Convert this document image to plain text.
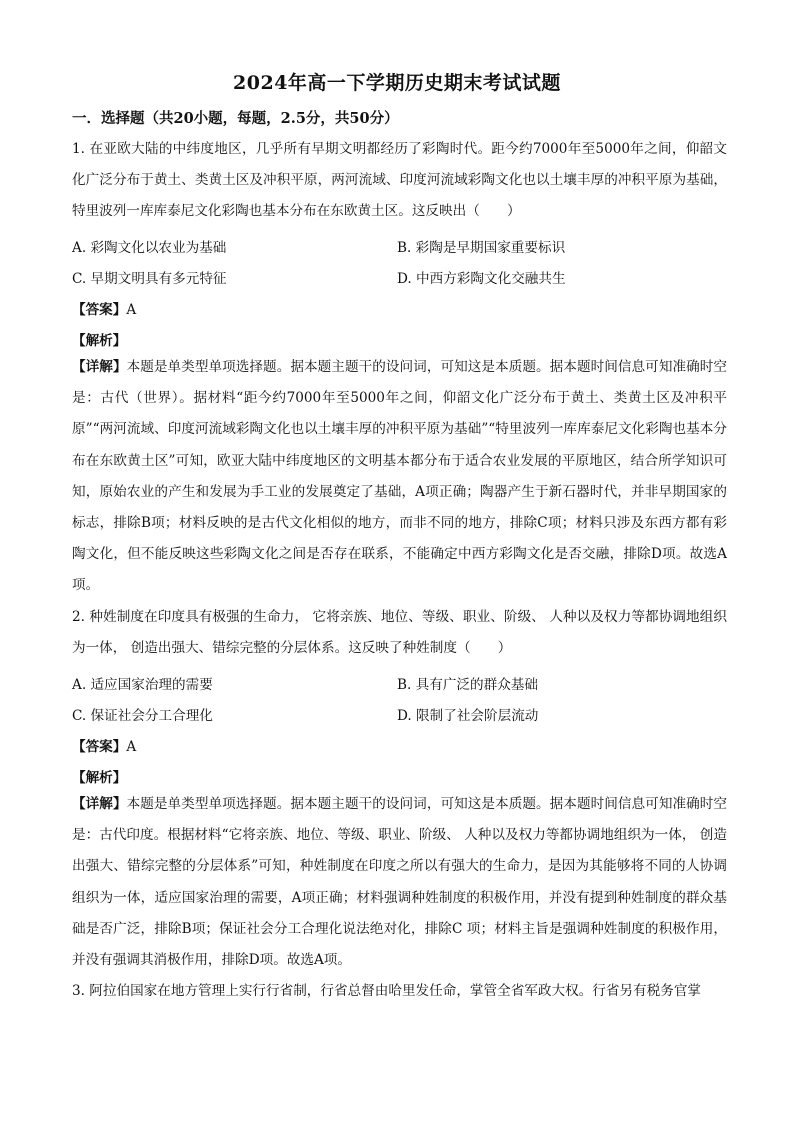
2024年高一下学期历史期末考试试题
一．选择题（共20小题，每题，2.5分，共50分）

1. 在亚欧大陆的中纬度地区，几乎所有早期文明都经历了彩陶时代。距今约7000年至5000年之间，仰韶文化广泛分布于黄土、类黄土区及冲积平原，两河流域、印度河流域彩陶文化也以土壤丰厚的冲积平原为基础，特里波列一库库泰尼文化彩陶也基本分布在东欧黄土区。这反映出（　　）

A. 彩陶文化以农业为基础	B. 彩陶是早期国家重要标识
C. 早期文明具有多元特征	D. 中西方彩陶文化交融共生
【答案】A
【解析】

【详解】本题是单类型单项选择题。据本题主题干的设问词，可知这是本质题。据本题时间信息可知准确时空是：古代（世界）。据材料“距今约7000年至5000年之间，仰韶文化广泛分布于黄土、类黄土区及冲积平原”“两河流域、印度河流域彩陶文化也以土壤丰厚的冲积平原为基础”“特里波列一库库泰尼文化彩陶也基本分布在东欧黄土区”可知，欧亚大陆中纬度地区的文明基本都分布于适合农业发展的平原地区，结合所学知识可知，原始农业的产生和发展为手工业的发展奠定了基础，A项正确；陶器产生于新石器时代，并非早期国家的标志，排除B项；材料反映的是古代文化相似的地方，而非不同的地方，排除C项；材料只涉及东西方都有彩陶文化，但不能反映这些彩陶文化之间是否存在联系，不能确定中西方彩陶文化是否交融，排除D项。故选A项。

2. 种姓制度在印度具有极强的生命力， 它将亲族、地位、等级、职业、阶级、 人种以及权力等都协调地组织为一体， 创造出强大、错综完整的分层体系。这反映了种姓制度（　　）

A. 适应国家治理的需要	B. 具有广泛的群众基础
C. 保证社会分工合理化	D. 限制了社会阶层流动
【答案】A
【解析】

【详解】本题是单类型单项选择题。据本题主题干的设问词，可知这是本质题。据本题时间信息可知准确时空是：古代印度。根据材料“它将亲族、地位、等级、职业、阶级、 人种以及权力等都协调地组织为一体， 创造出强大、错综完整的分层体系”可知，种姓制度在印度之所以有强大的生命力，是因为其能够将不同的人协调组织为一体，适应国家治理的需要，A项正确；材料强调种姓制度的积极作用，并没有提到种姓制度的群众基础是否广泛，排除B项；保证社会分工合理化说法绝对化，排除C 项；材料主旨是强调种姓制度的积极作用，并没有强调其消极作用，排除D项。故选A项。

3. 阿拉伯国家在地方管理上实行行省制，行省总督由哈里发任命，掌管全省军政大权。行省另有税务官掌
